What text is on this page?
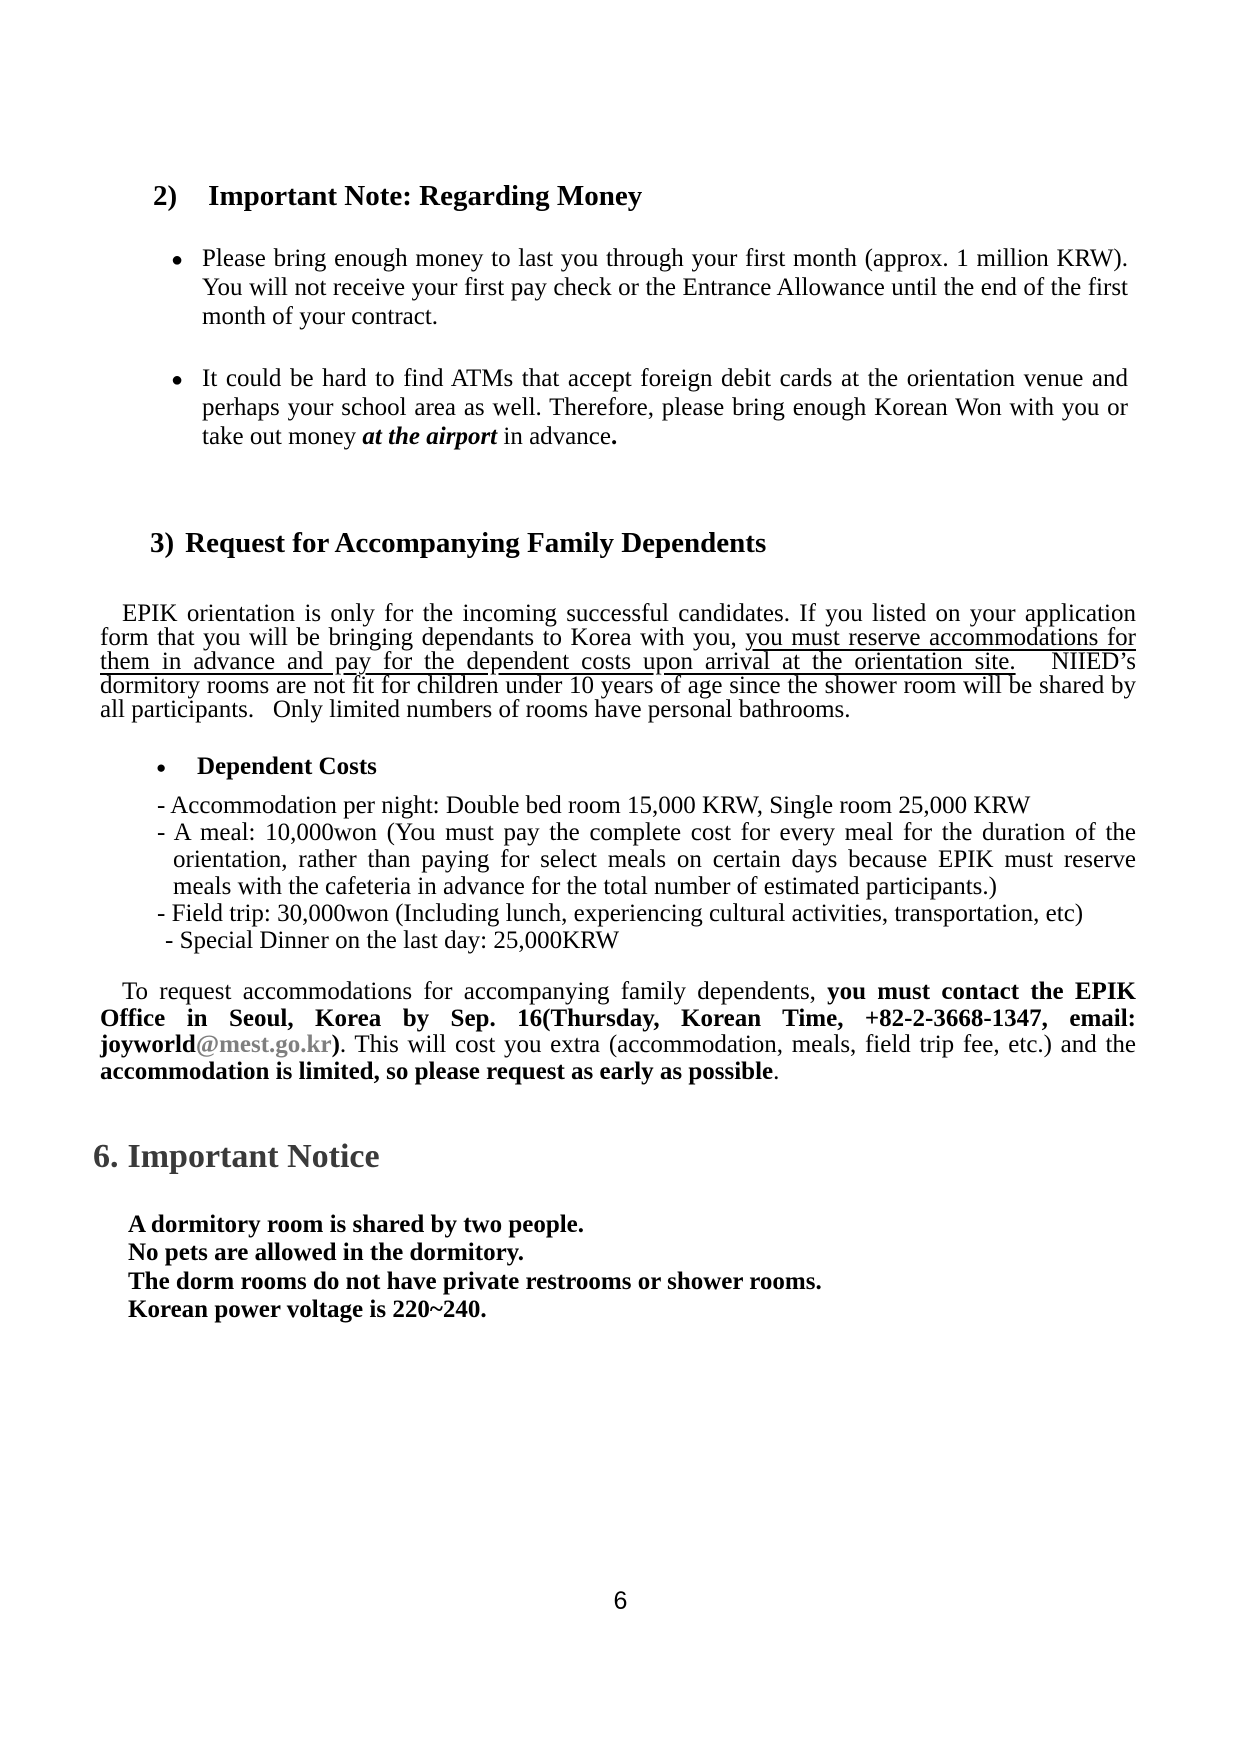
2) Important Note: Regarding Money
● Please bring enough money to last you through your first month (approx. 1 million KRW). You will not receive your first pay check or the Entrance Allowance until the end of the first month of your contract.
● It could be hard to find ATMs that accept foreign debit cards at the orientation venue and perhaps your school area as well. Therefore, please bring enough Korean Won with you or take out money at the airport in advance.
3) Request for Accompanying Family Dependents
EPIK orientation is only for the incoming successful candidates. If you listed on your application form that you will be bringing dependants to Korea with you, you must reserve accommodations for them in advance and pay for the dependent costs upon arrival at the orientation site.   NIIED’s dormitory rooms are not fit for children under 10 years of age since the shower room will be shared by all participants.   Only limited numbers of rooms have personal bathrooms.
● Dependent Costs
- Accommodation per night: Double bed room 15,000 KRW, Single room 25,000 KRW
- A meal: 10,000won (You must pay the complete cost for every meal for the duration of the orientation, rather than paying for select meals on certain days because EPIK must reserve meals with the cafeteria in advance for the total number of estimated participants.)
- Field trip: 30,000won (Including lunch, experiencing cultural activities, transportation, etc)
- Special Dinner on the last day: 25,000KRW
To request accommodations for accompanying family dependents, you must contact the EPIK Office in Seoul, Korea by Sep. 16(Thursday, Korean Time, +82-2-3668-1347, email: joyworld@mest.go.kr). This will cost you extra (accommodation, meals, field trip fee, etc.) and the accommodation is limited, so please request as early as possible.
6. Important Notice
A dormitory room is shared by two people.
No pets are allowed in the dormitory.
The dorm rooms do not have private restrooms or shower rooms.
Korean power voltage is 220~240.
6
